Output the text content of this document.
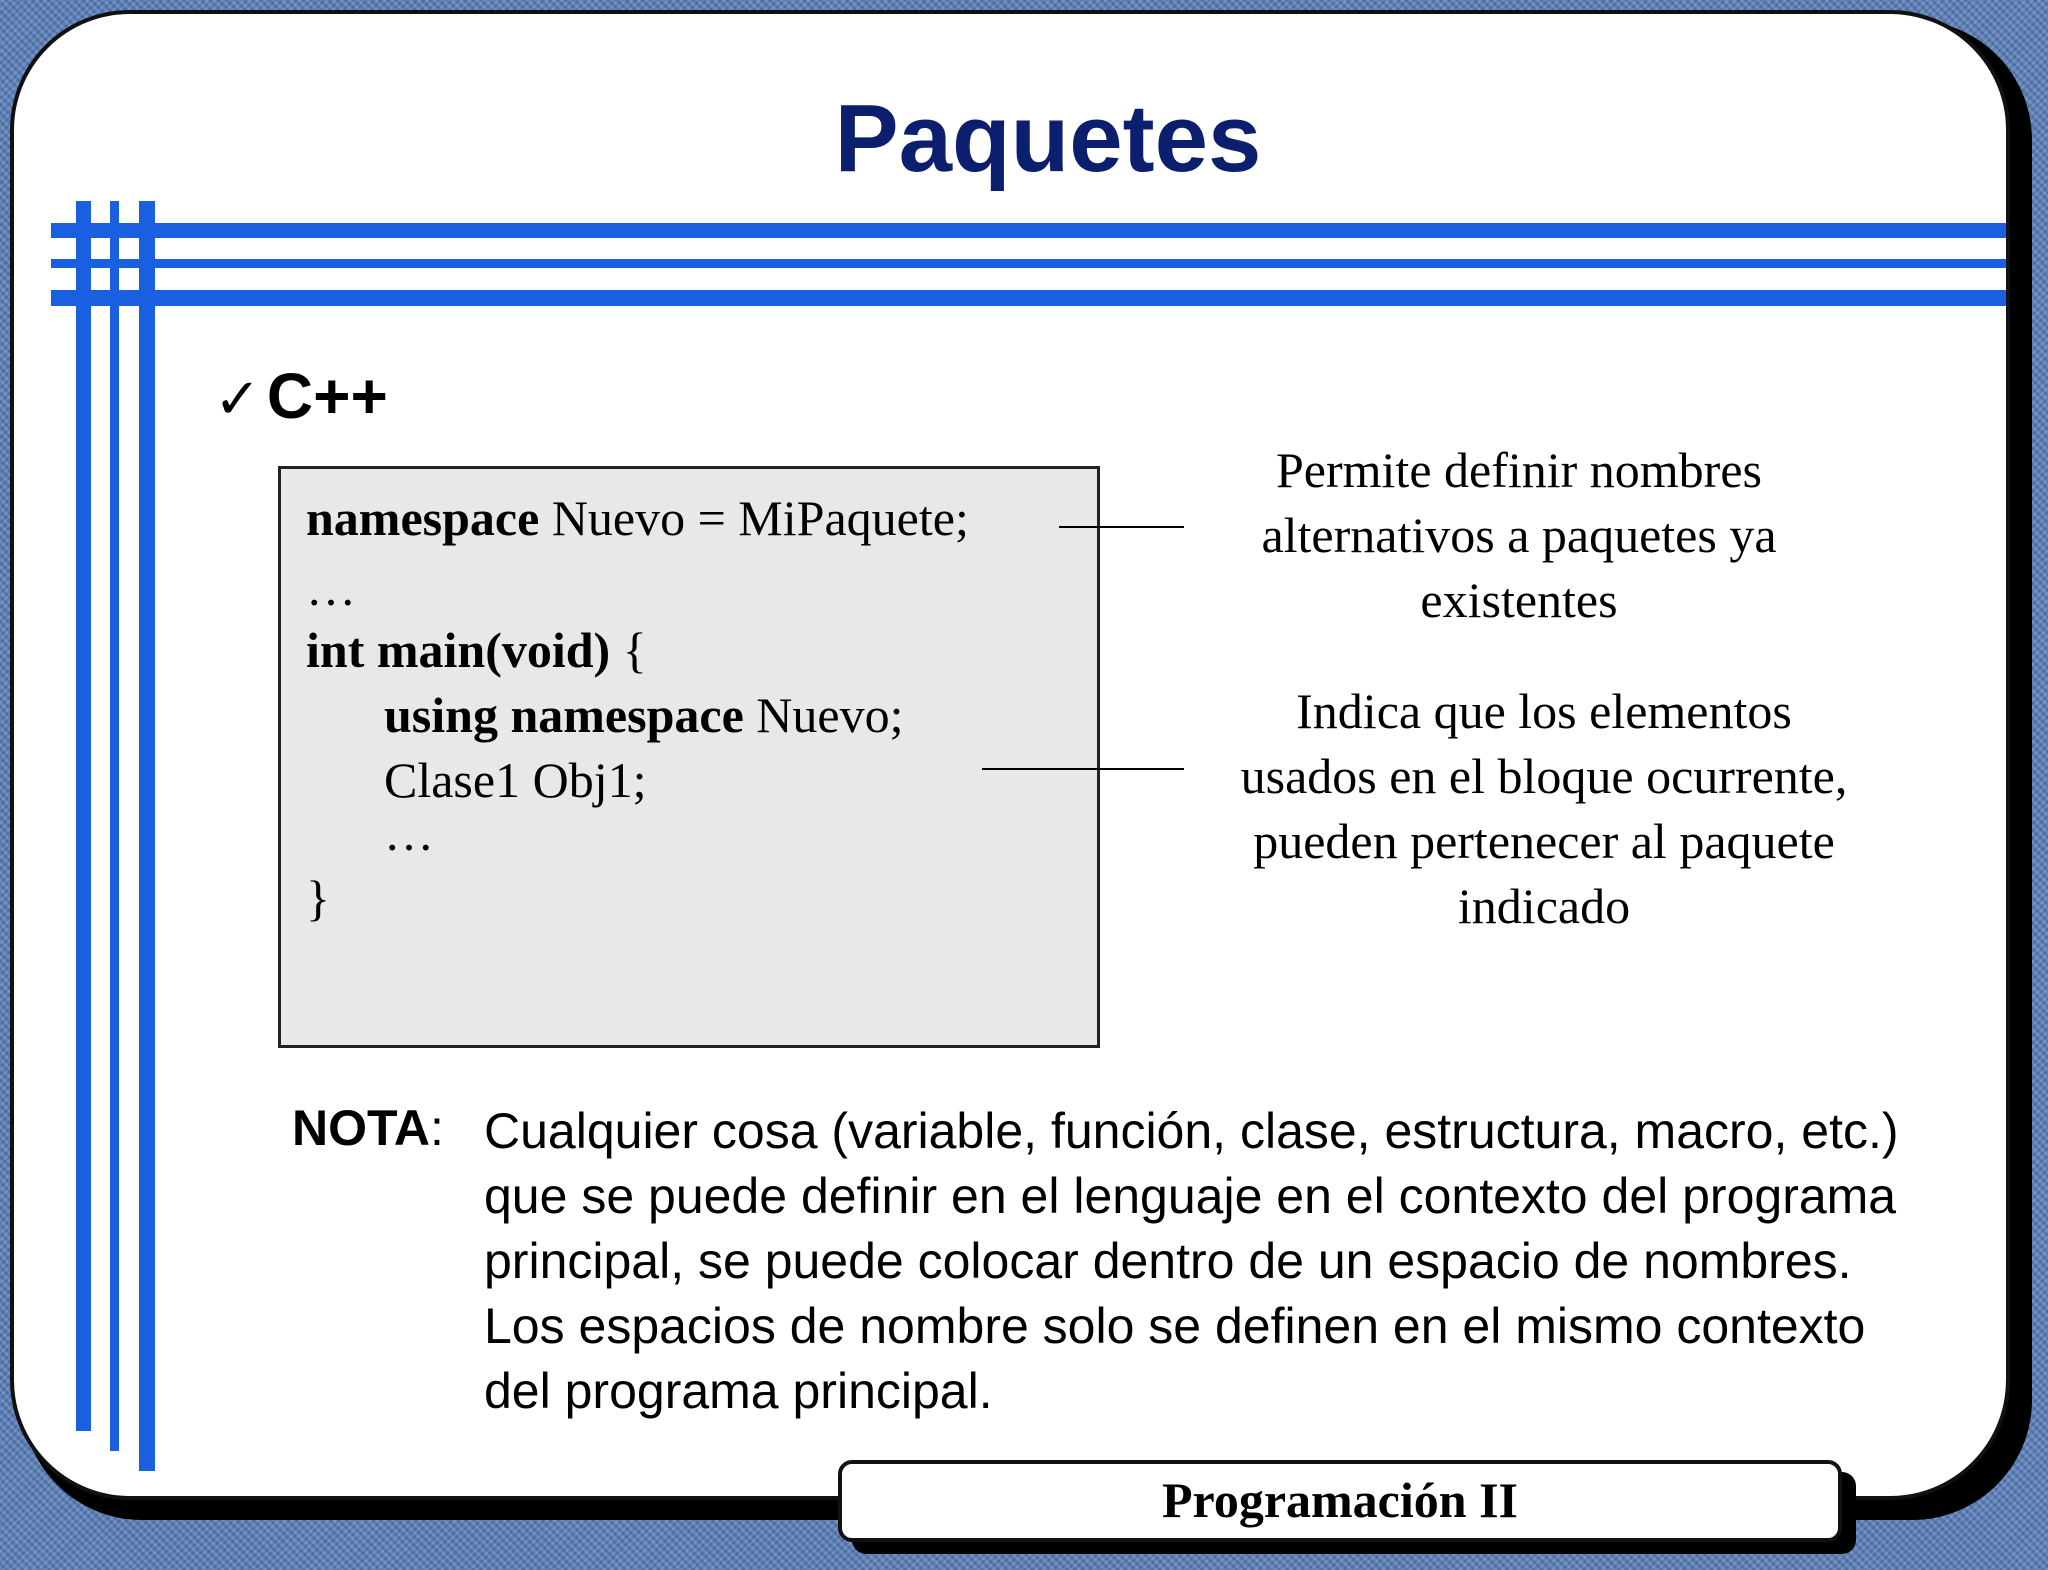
Paquetes
✓C++
namespace Nuevo = MiPaquete;
…
int main(void) {
using namespace Nuevo;
Clase1 Obj1;
…
}
Permite definir nombres
alternativos a paquetes ya
existentes
Indica que los elementos
usados en el bloque ocurrente,
pueden pertenecer al paquete
indicado
NOTA: Cualquier cosa (variable, función, clase, estructura, macro, etc.) que se puede definir en el lenguaje en el contexto del programa principal, se puede colocar dentro de un espacio de nombres. Los espacios de nombre solo se definen en el mismo contexto del programa principal.
Programación II
